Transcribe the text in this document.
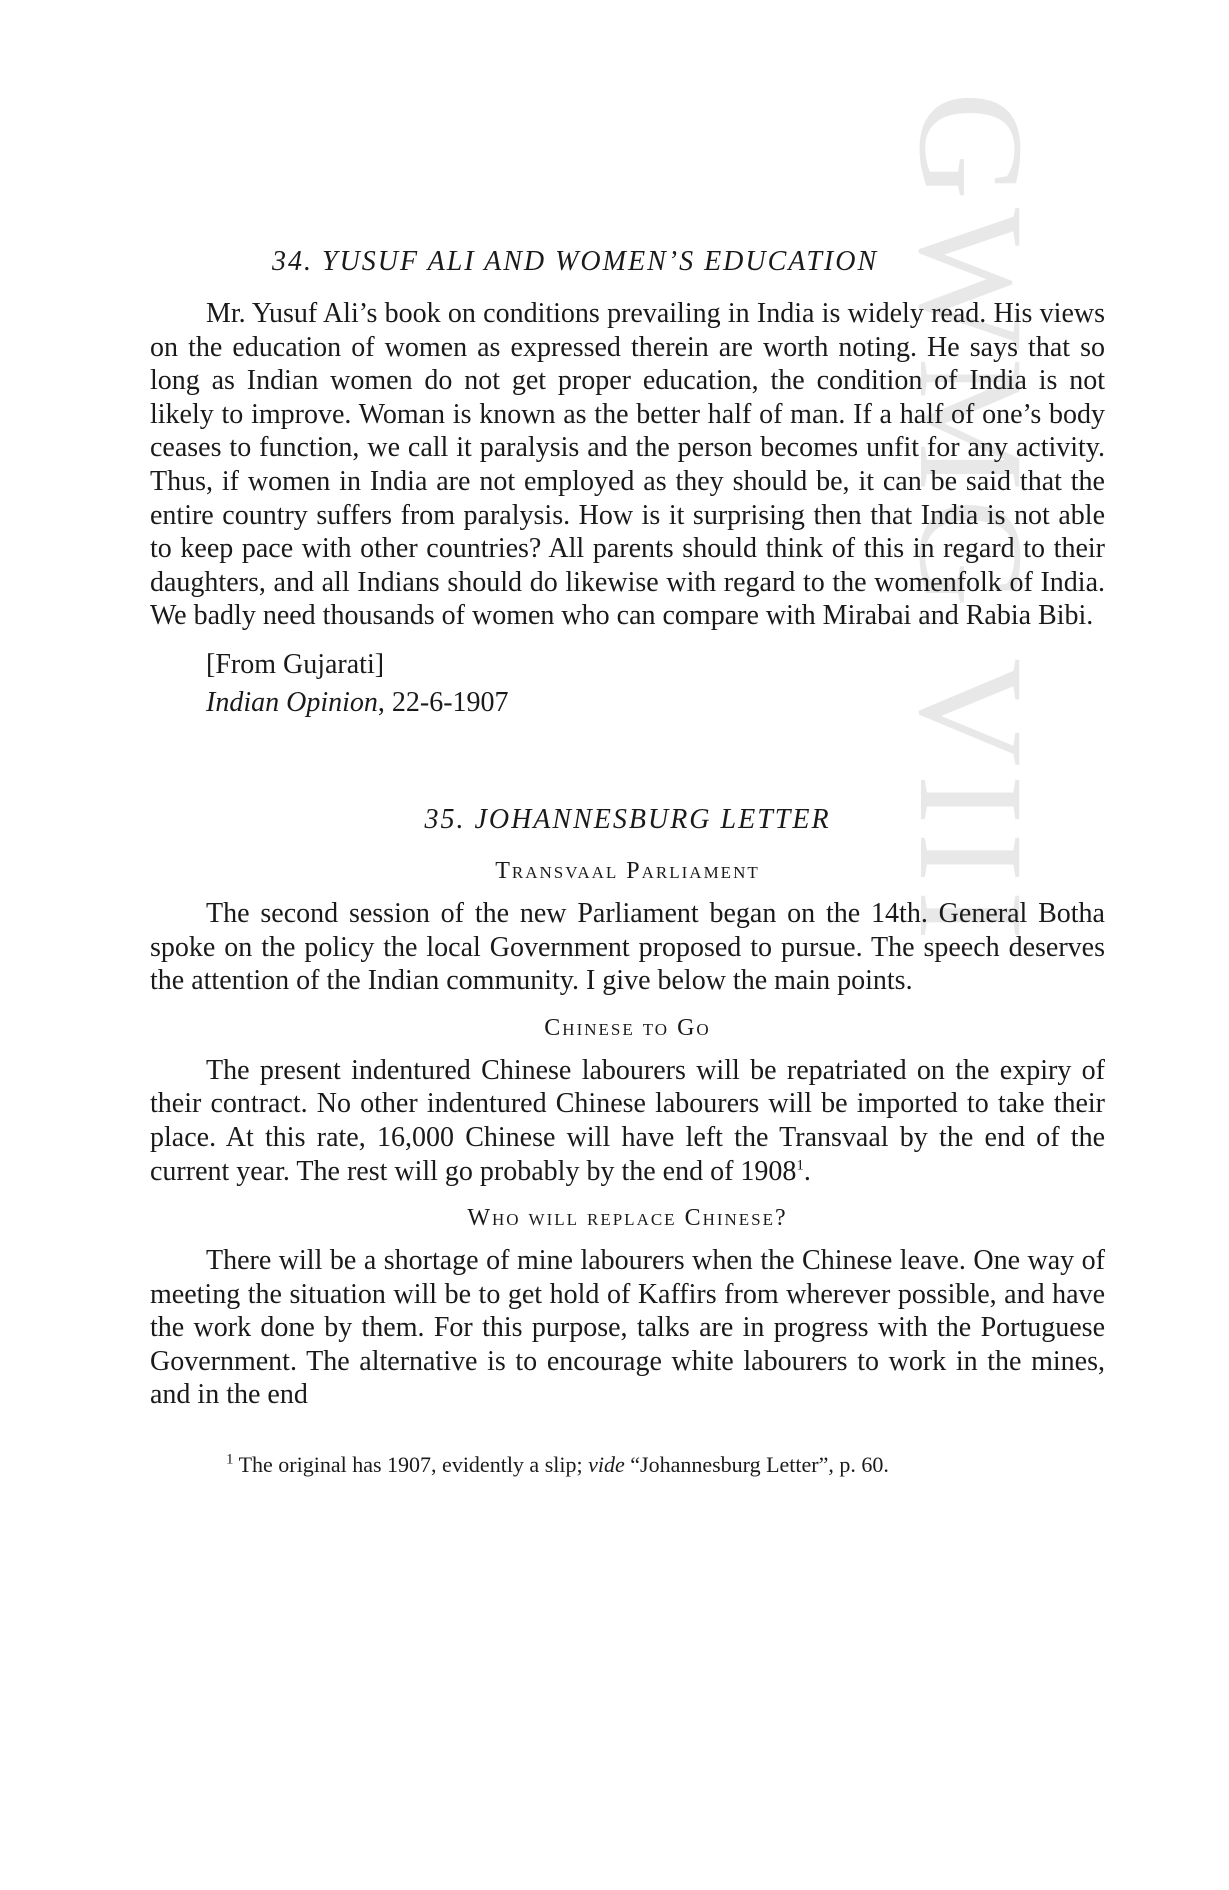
GWMG VIII
34. YUSUF ALI AND WOMEN’S EDUCATION

Mr. Yusuf Ali’s book on conditions prevailing in India is widely read. His views on the education of women as expressed therein are worth noting. He says that so long as Indian women do not get proper education, the condition of India is not likely to improve. Woman is known as the better half of man. If a half of one’s body ceases to function, we call it paralysis and the person becomes unfit for any activity. Thus, if women in India are not employed as they should be, it can be said that the entire country suffers from paralysis. How is it surprising then that India is not able to keep pace with other countries? All parents should think of this in regard to their daughters, and all Indians should do likewise with regard to the womenfolk of India. We badly need thousands of women who can compare with Mirabai and Rabia Bibi.

[From Gujarati]
Indian Opinion, 22-6-1907
35. JOHANNESBURG LETTER
Transvaal Parliament

The second session of the new Parliament began on the 14th. General Botha spoke on the policy the local Government proposed to pursue. The speech deserves the attention of the Indian community. I give below the main points.

Chinese to Go

The present indentured Chinese labourers will be repatriated on the expiry of their contract. No other indentured Chinese labourers will be imported to take their place. At this rate, 16,000 Chinese will have left the Transvaal by the end of the current year. The rest will go probably by the end of 1908$^1$.

Who will replace Chinese?

There will be a shortage of mine labourers when the Chinese leave. One way of meeting the situation will be to get hold of Kaffirs from wherever possible, and have the work done by them. For this purpose, talks are in progress with the Portuguese Government. The alternative is to encourage white labourers to work in the mines, and in the end

$^1$ The original has 1907, evidently a slip; vide “Johannesburg Letter”, p. 60.
